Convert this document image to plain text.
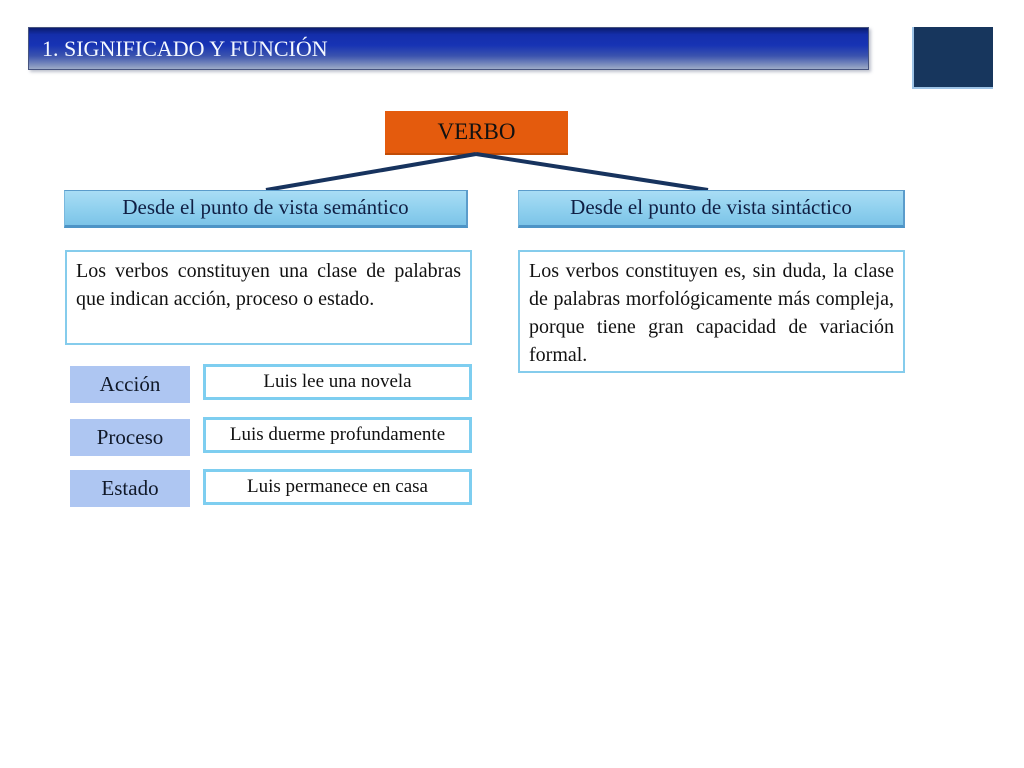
1. SIGNIFICADO Y FUNCIÓN
VERBO
Desde el punto de vista semántico	Desde el punto de vista sintáctico
Los verbos constituyen una clase de palabras que indican acción, proceso o estado.
Los verbos constituyen es, sin duda, la clase de palabras morfológicamente más compleja, porque tiene gran capacidad de variación formal.
Acción	Luis lee una novela
Proceso	Luis duerme profundamente
Estado	Luis permanece en casa
